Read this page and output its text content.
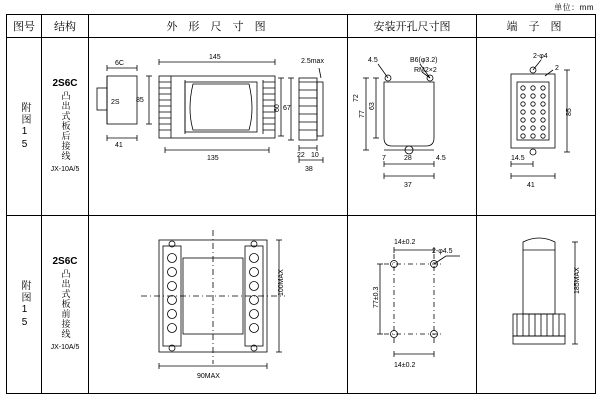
单位：mm
图号	结构	外 形 尺 寸 图	安装开孔尺寸图	端 子 图

附图15

2S6C
凸出式板后接线
JX-10A/5

6C
2S
145
85
67
41
135
2.5max
60
22 10
38

4.5	B6(φ3.2)
RM2×2
63
77
72
7	28	4.5
37

2-φ4
2
85
14.5
41

附图15

2S6C
凸出式板前接线
JX-10A/5

100MAX
90MAX

14±0.2
2-φ4.5
77±0.3
14±0.2

185MAX
